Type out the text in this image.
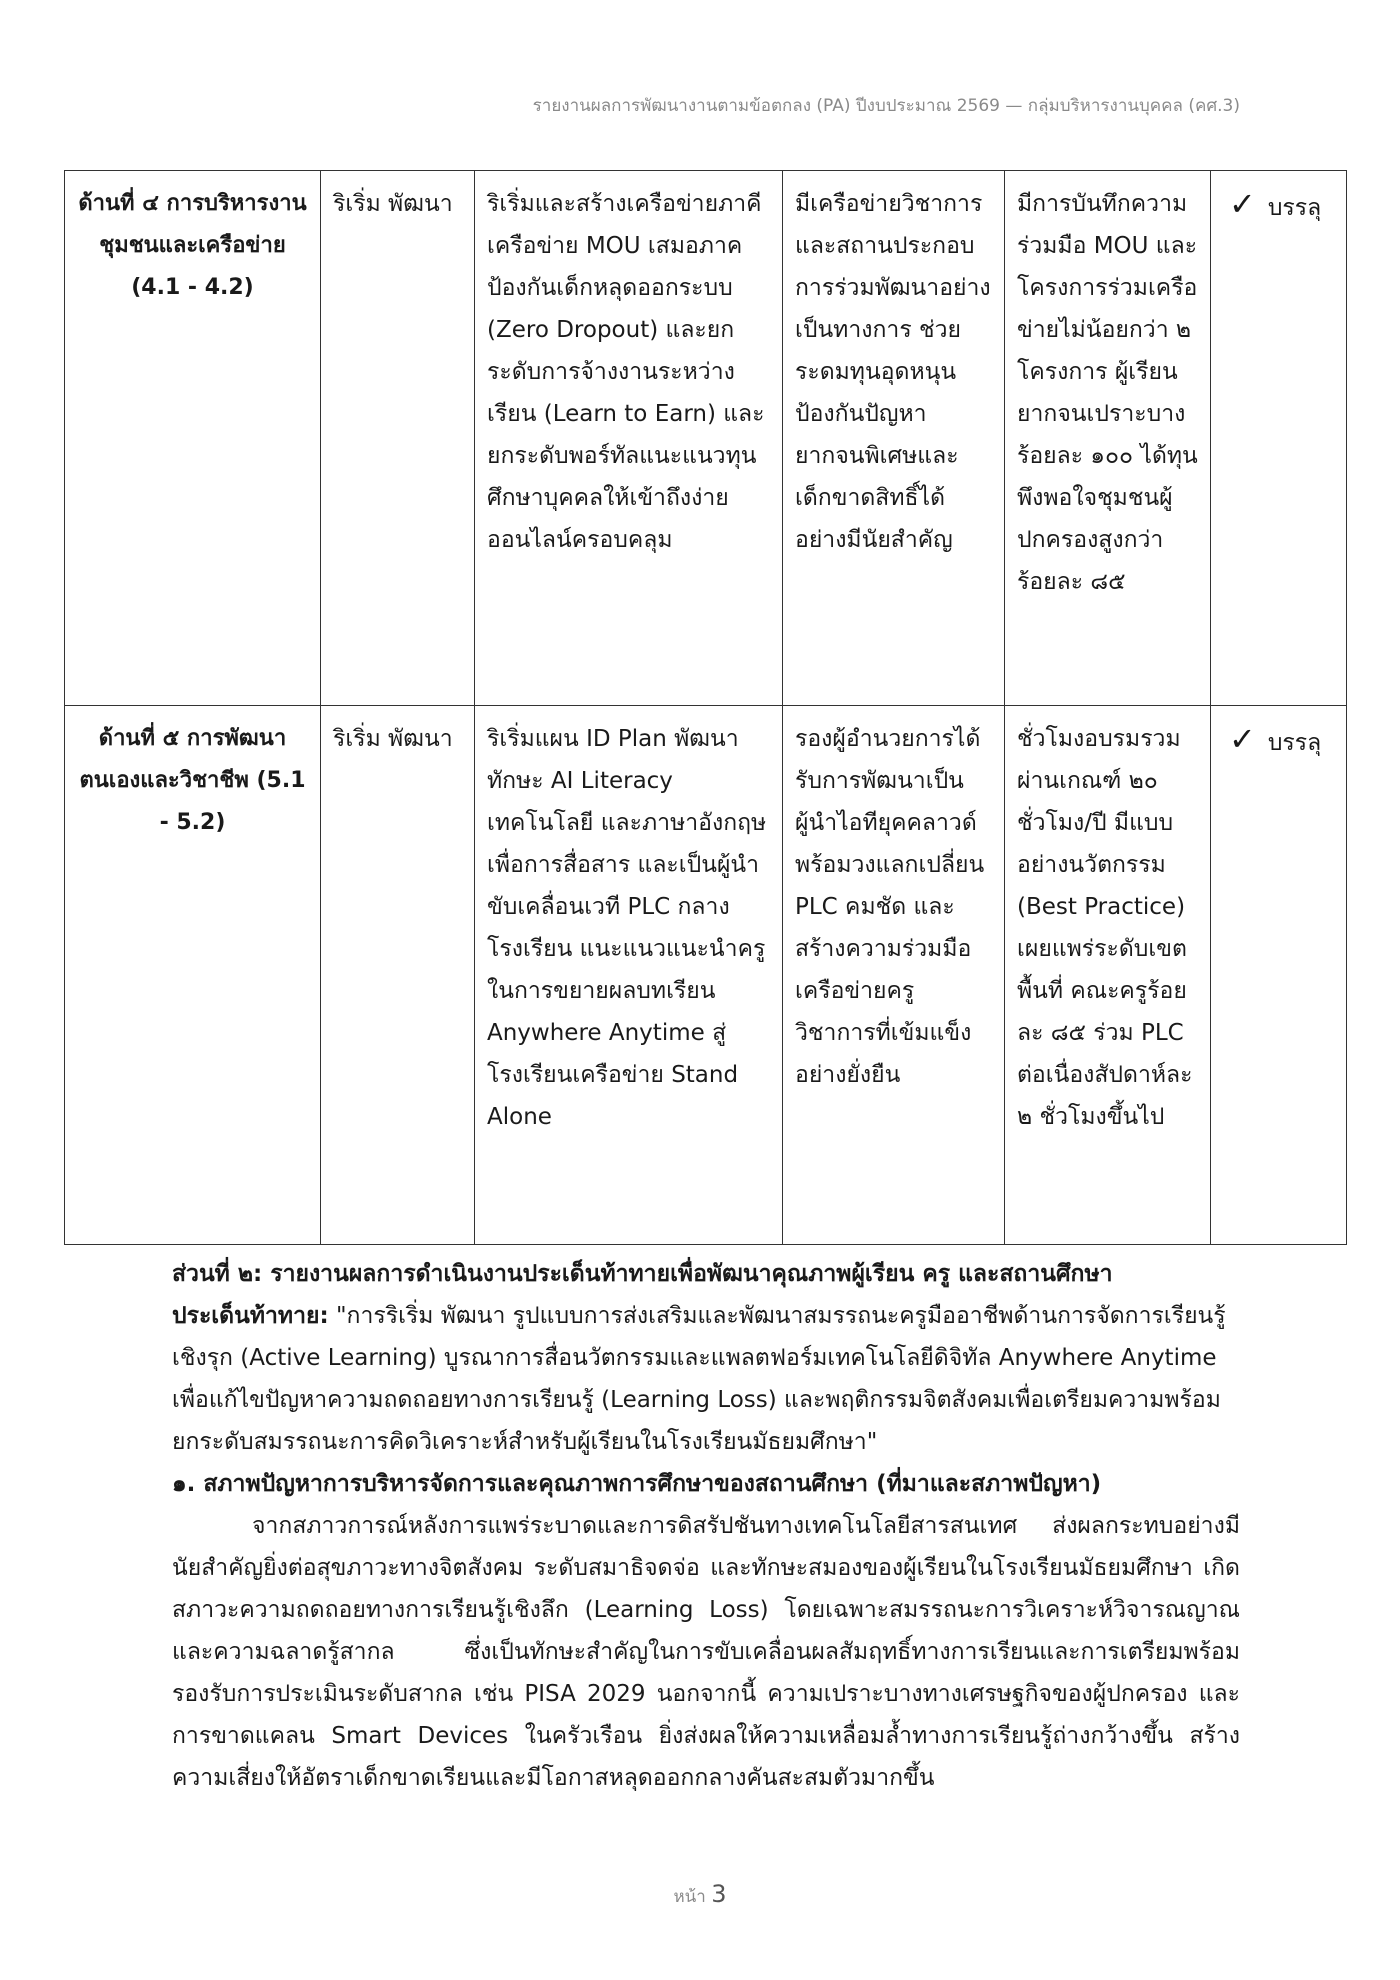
รายงานผลการพัฒนางานตามข้อตกลง (PA) ปีงบประมาณ 2569 — กลุ่มบริหารงานบุคคล (คศ.3)
ด้านที่ ๔ การบริหารงานชุมชนและเครือข่าย (4.1 - 4.2)	ริเริ่ม พัฒนา	ริเริ่มและสร้างเครือข่ายภาคีเครือข่าย MOU เสมอภาค ป้องกันเด็กหลุดออกระบบ (Zero Dropout) และยกระดับการจ้างงานระหว่างเรียน (Learn to Earn) และยกระดับพอร์ทัลแนะแนวทุนศึกษาบุคคลให้เข้าถึงง่ายออนไลน์ครอบคลุม	มีเครือข่ายวิชาการและสถานประกอบการร่วมพัฒนาอย่างเป็นทางการ ช่วยระดมทุนอุดหนุน ป้องกันปัญหายากจนพิเศษและเด็กขาดสิทธิ์ได้อย่างมีนัยสำคัญ	มีการบันทึกความร่วมมือ MOU และโครงการร่วมเครือข่ายไม่น้อยกว่า ๒ โครงการ ผู้เรียนยากจนเปราะบางร้อยละ ๑๐๐ ได้ทุน พึงพอใจชุมชนผู้ปกครองสูงกว่าร้อยละ ๘๕	✓ บรรลุ
ด้านที่ ๕ การพัฒนาตนเองและวิชาชีพ (5.1 - 5.2)	ริเริ่ม พัฒนา	ริเริ่มแผน ID Plan พัฒนาทักษะ AI Literacy เทคโนโลยี และภาษาอังกฤษเพื่อการสื่อสาร และเป็นผู้นำขับเคลื่อนเวที PLC กลางโรงเรียน แนะแนวแนะนำครูในการขยายผลบทเรียน Anywhere Anytime สู่โรงเรียนเครือข่าย Stand Alone	รองผู้อำนวยการได้รับการพัฒนาเป็นผู้นำไอทียุคคลาวด์ พร้อมวงแลกเปลี่ยน PLC คมชัด และสร้างความร่วมมือเครือข่ายครูวิชาการที่เข้มแข็งอย่างยั่งยืน	ชั่วโมงอบรมรวมผ่านเกณฑ์ ๒๐ ชั่วโมง/ปี มีแบบอย่างนวัตกรรม (Best Practice) เผยแพร่ระดับเขตพื้นที่ คณะครูร้อยละ ๘๕ ร่วม PLC ต่อเนื่องสัปดาห์ละ ๒ ชั่วโมงขึ้นไป	✓ บรรลุ

ส่วนที่ ๒: รายงานผลการดำเนินงานประเด็นท้าทายเพื่อพัฒนาคุณภาพผู้เรียน ครู และสถานศึกษา

ประเด็นท้าทาย: "การริเริ่ม พัฒนา รูปแบบการส่งเสริมและพัฒนาสมรรถนะครูมืออาชีพด้านการจัดการเรียนรู้เชิงรุก (Active Learning) บูรณาการสื่อนวัตกรรมและแพลตฟอร์มเทคโนโลยีดิจิทัล Anywhere Anytime เพื่อแก้ไขปัญหาความถดถอยทางการเรียนรู้ (Learning Loss) และพฤติกรรมจิตสังคมเพื่อเตรียมความพร้อมยกระดับสมรรถนะการคิดวิเคราะห์สำหรับผู้เรียนในโรงเรียนมัธยมศึกษา"

๑. สภาพปัญหาการบริหารจัดการและคุณภาพการศึกษาของสถานศึกษา (ที่มาและสภาพปัญหา)

จากสภาวการณ์หลังการแพร่ระบาดและการดิสรัปชันทางเทคโนโลยีสารสนเทศ ส่งผลกระทบอย่างมีนัยสำคัญยิ่งต่อสุขภาวะทางจิตสังคม ระดับสมาธิจดจ่อ และทักษะสมองของผู้เรียนในโรงเรียนมัธยมศึกษา เกิดสภาวะความถดถอยทางการเรียนรู้เชิงลึก (Learning Loss) โดยเฉพาะสมรรถนะการวิเคราะห์วิจารณญาณและความฉลาดรู้สากล ซึ่งเป็นทักษะสำคัญในการขับเคลื่อนผลสัมฤทธิ์ทางการเรียนและการเตรียมพร้อมรองรับการประเมินระดับสากล เช่น PISA 2029 นอกจากนี้ ความเปราะบางทางเศรษฐกิจของผู้ปกครอง และการขาดแคลน Smart Devices ในครัวเรือน ยิ่งส่งผลให้ความเหลื่อมล้ำทางการเรียนรู้ถ่างกว้างขึ้น สร้างความเสี่ยงให้อัตราเด็กขาดเรียนและมีโอกาสหลุดออกกลางคันสะสมตัวมากขึ้น

หน้า 3
